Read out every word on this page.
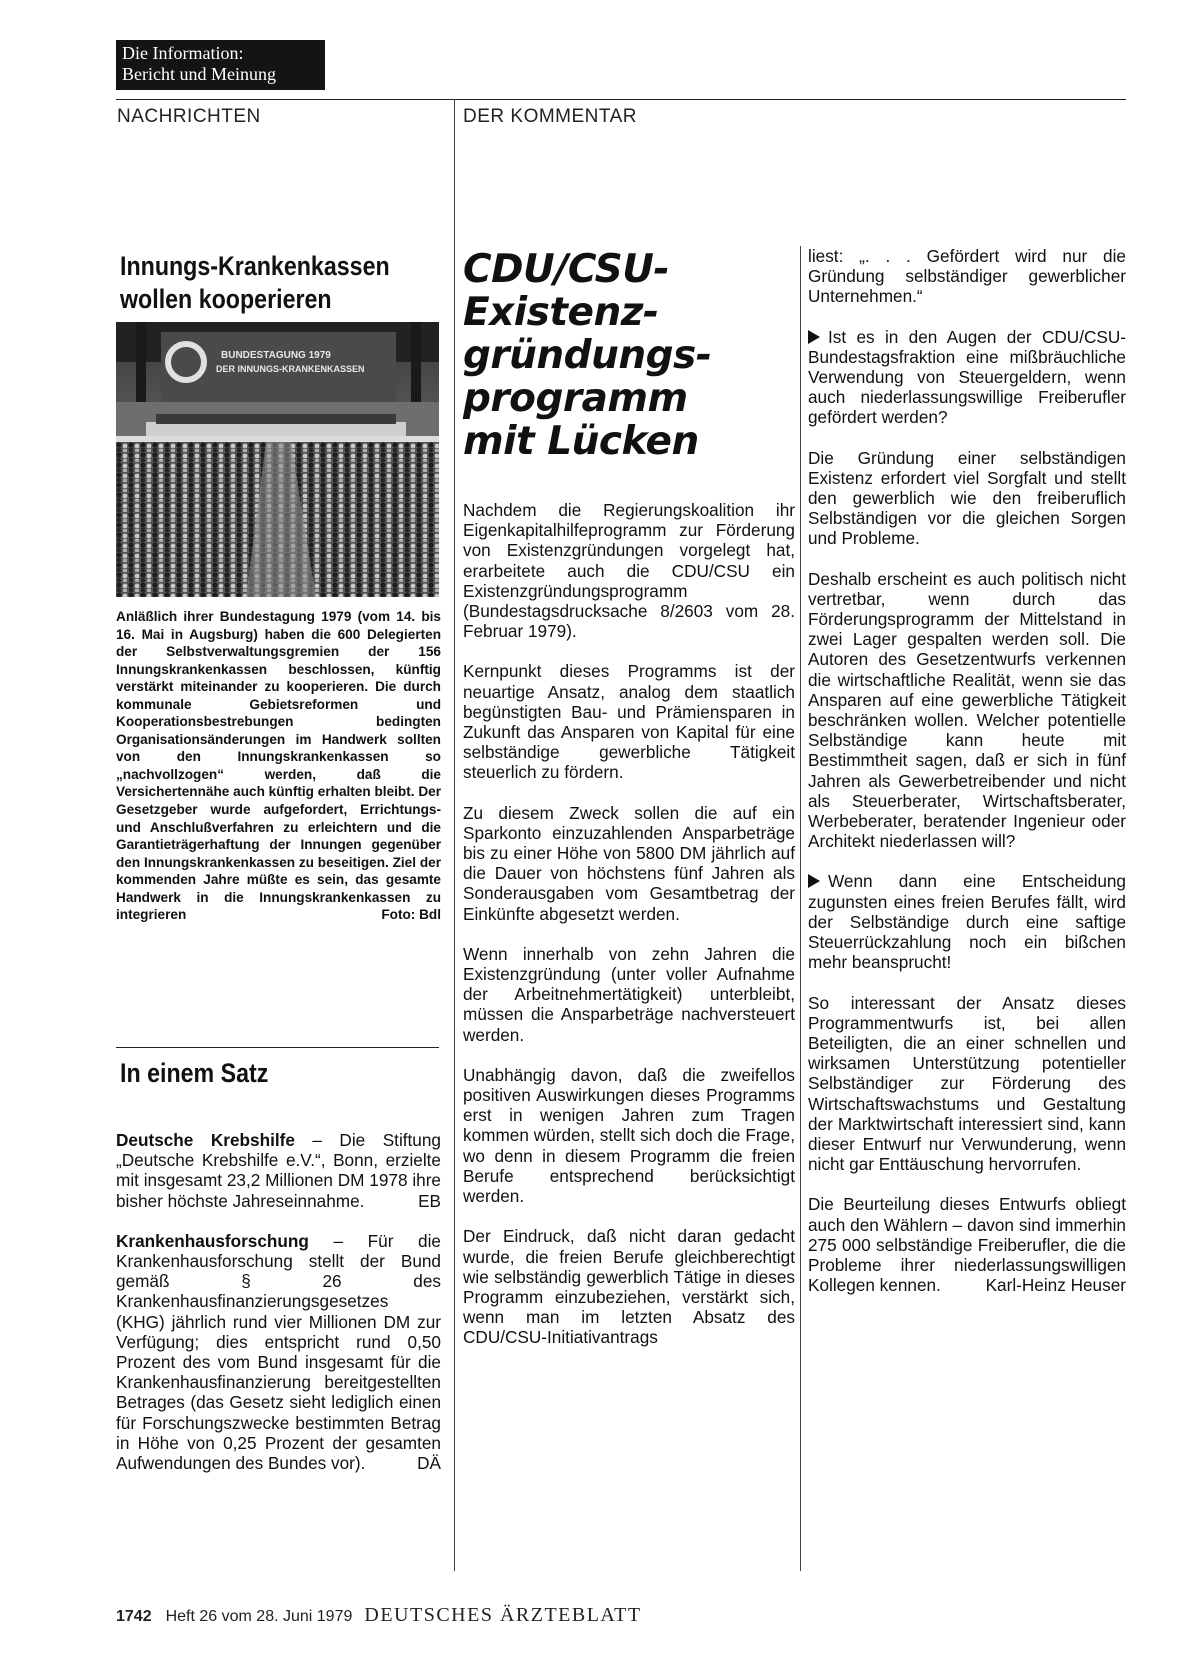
Die Information:
Bericht und Meinung
NACHRICHTEN	DER KOMMENTAR
Innungs-Krankenkassen
wollen kooperieren
BUNDESTAGUNG 1979
DER INNUNGS-KRANKENKASSEN
Anläßlich ihrer Bundestagung 1979 (vom 14. bis 16. Mai in Augsburg) haben die 600 Delegierten der Selbstverwaltungsgremien der 156 Innungskrankenkassen beschlossen, künftig verstärkt miteinander zu kooperieren. Die durch kommunale Gebietsreformen und Kooperationsbestrebungen bedingten Organisationsänderungen im Handwerk sollten von den Innungskrankenkassen so „nachvollzogen“ werden, daß die Versichertennähe auch künftig erhalten bleibt. Der Gesetzgeber wurde aufgefordert, Errichtungs- und Anschlußverfahren zu erleichtern und die Garantieträgerhaftung der Innungen gegenüber den Innungskrankenkassen zu beseitigen. Ziel der kommenden Jahre müßte es sein, das gesamte Handwerk in die Innungskrankenkassen zu integrieren	Foto: Bdl
In einem Satz

Deutsche Krebshilfe – Die Stiftung „Deutsche Krebshilfe e.V.“, Bonn, erzielte mit insgesamt 23,2 Millionen DM 1978 ihre bisher höchste Jahreseinnahme.	EB

Krankenhausforschung – Für die Krankenhausforschung stellt der Bund gemäß § 26 des Krankenhausfinanzierungsgesetzes (KHG) jährlich rund vier Millionen DM zur Verfügung; dies entspricht rund 0,50 Prozent des vom Bund insgesamt für die Krankenhausfinanzierung bereitgestellten Betrages (das Gesetz sieht lediglich einen für Forschungszwecke bestimmten Betrag in Höhe von 0,25 Prozent der gesamten Aufwendungen des Bundes vor).	DÄ

CDU/CSU-
Existenz-
gründungs-
programm
mit Lücken

Nachdem die Regierungskoalition ihr Eigenkapitalhilfeprogramm zur Förderung von Existenzgründungen vorgelegt hat, erarbeitete auch die CDU/CSU ein Existenzgründungsprogramm (Bundestagsdrucksache 8/2603 vom 28. Februar 1979).

Kernpunkt dieses Programms ist der neuartige Ansatz, analog dem staatlich begünstigten Bau- und Prämiensparen in Zukunft das Ansparen von Kapital für eine selbständige gewerbliche Tätigkeit steuerlich zu fördern.

Zu diesem Zweck sollen die auf ein Sparkonto einzuzahlenden Ansparbeträge bis zu einer Höhe von 5800 DM jährlich auf die Dauer von höchstens fünf Jahren als Sonderausgaben vom Gesamtbetrag der Einkünfte abgesetzt werden.

Wenn innerhalb von zehn Jahren die Existenzgründung (unter voller Aufnahme der Arbeitnehmertätigkeit) unterbleibt, müssen die Ansparbeträge nachversteuert werden.

Unabhängig davon, daß die zweifellos positiven Auswirkungen dieses Programms erst in wenigen Jahren zum Tragen kommen würden, stellt sich doch die Frage, wo denn in diesem Programm die freien Berufe entsprechend berücksichtigt werden.

Der Eindruck, daß nicht daran gedacht wurde, die freien Berufe gleichberechtigt wie selbständig gewerblich Tätige in dieses Programm einzubeziehen, verstärkt sich, wenn man im letzten Absatz des CDU/CSU-Initiativantrags

liest: „. . . Gefördert wird nur die Gründung selbständiger gewerblicher Unternehmen.“

Ist es in den Augen der CDU/CSU-Bundestagsfraktion eine mißbräuchliche Verwendung von Steuergeldern, wenn auch niederlassungswillige Freiberufler gefördert werden?

Die Gründung einer selbständigen Existenz erfordert viel Sorgfalt und stellt den gewerblich wie den freiberuflich Selbständigen vor die gleichen Sorgen und Probleme.

Deshalb erscheint es auch politisch nicht vertretbar, wenn durch das Förderungsprogramm der Mittelstand in zwei Lager gespalten werden soll. Die Autoren des Gesetzentwurfs verkennen die wirtschaftliche Realität, wenn sie das Ansparen auf eine gewerbliche Tätigkeit beschränken wollen. Welcher potentielle Selbständige kann heute mit Bestimmtheit sagen, daß er sich in fünf Jahren als Gewerbetreibender und nicht als Steuerberater, Wirtschaftsberater, Werbeberater, beratender Ingenieur oder Architekt niederlassen will?

Wenn dann eine Entscheidung zugunsten eines freien Berufes fällt, wird der Selbständige durch eine saftige Steuerrückzahlung noch ein bißchen mehr beansprucht!

So interessant der Ansatz dieses Programmentwurfs ist, bei allen Beteiligten, die an einer schnellen und wirksamen Unterstützung potentieller Selbständiger zur Förderung des Wirtschaftswachstums und Gestaltung der Marktwirtschaft interessiert sind, kann dieser Entwurf nur Verwunderung, wenn nicht gar Enttäuschung hervorrufen.

Die Beurteilung dieses Entwurfs obliegt auch den Wählern – davon sind immerhin 275 000 selbständige Freiberufler, die die Probleme ihrer niederlassungswilligen Kollegen kennen.	Karl-Heinz Heuser

1742 Heft 26 vom 28. Juni 1979 DEUTSCHES ÄRZTEBLATT
